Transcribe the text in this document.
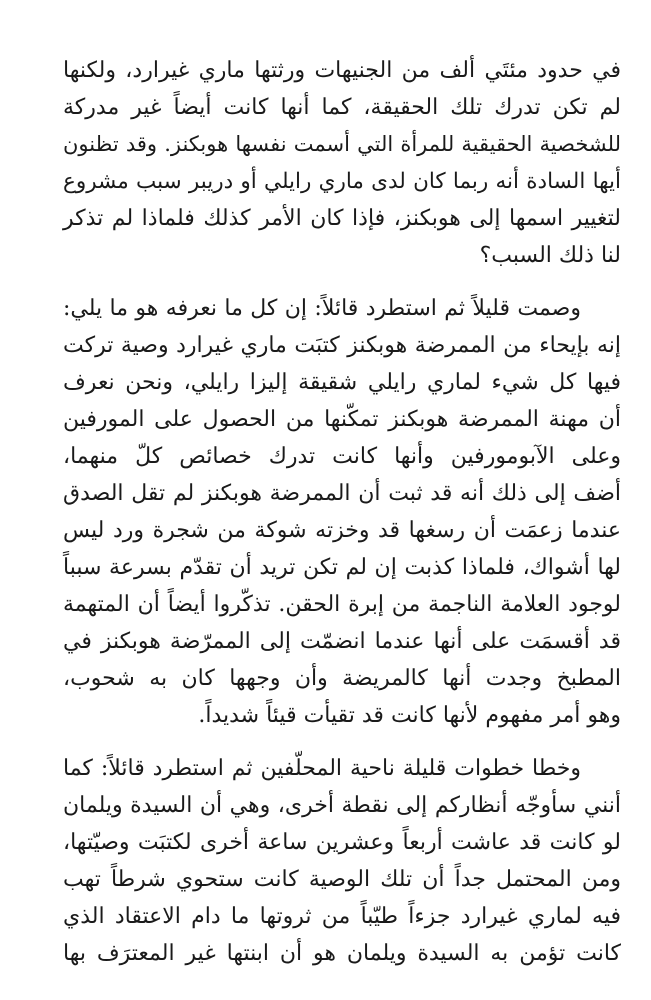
في حدود مئتَي ألف من الجنيهات ورثتها ماري غيرارد، ولكنها
لم تكن تدرك تلك الحقيقة، كما أنها كانت أيضاً غير مدركة
للشخصية الحقيقية للمرأة التي أسمت نفسها هوبكنز. وقد تظنون
أيها السادة أنه ربما كان لدى ماري رايلي أو دريبر سبب مشروع
لتغيير اسمها إلى هوبكنز، فإذا كان الأمر كذلك فلماذا لم تذكر
لنا ذلك السبب؟
وصمت قليلاً ثم استطرد قائلاً: إن كل ما نعرفه هو ما يلي:
إنه بإيحاء من الممرضة هوبكنز كتبَت ماري غيرارد وصية تركت
فيها كل شيء لماري رايلي شقيقة إليزا رايلي، ونحن نعرف
أن مهنة الممرضة هوبكنز تمكّنها من الحصول على المورفين
وعلى الآبومورفين وأنها كانت تدرك خصائص كلّ منهما،
أضف إلى ذلك أنه قد ثبت أن الممرضة هوبكنز لم تقل الصدق
عندما زعمَت أن رسغها قد وخزته شوكة من شجرة ورد ليس
لها أشواك، فلماذا كذبت إن لم تكن تريد أن تقدّم بسرعة سبباً
لوجود العلامة الناجمة من إبرة الحقن. تذكّروا أيضاً أن المتهمة
قد أقسمَت على أنها عندما انضمّت إلى الممرّضة هوبكنز في
المطبخ وجدت أنها كالمريضة وأن وجهها كان به شحوب،
وهو أمر مفهوم لأنها كانت قد تقيأت قيئاً شديداً.
وخطا خطوات قليلة ناحية المحلّفين ثم استطرد قائلاً: كما
أنني سأوجّه أنظاركم إلى نقطة أخرى، وهي أن السيدة ويلمان
لو كانت قد عاشت أربعاً وعشرين ساعة أخرى لكتبَت وصيّتها،
ومن المحتمل جداً أن تلك الوصية كانت ستحوي شرطاً تهب
فيه لماري غيرارد جزءاً طيّباً من ثروتها ما دام الاعتقاد الذي
كانت تؤمن به السيدة ويلمان هو أن ابنتها غير المعترَف بها
